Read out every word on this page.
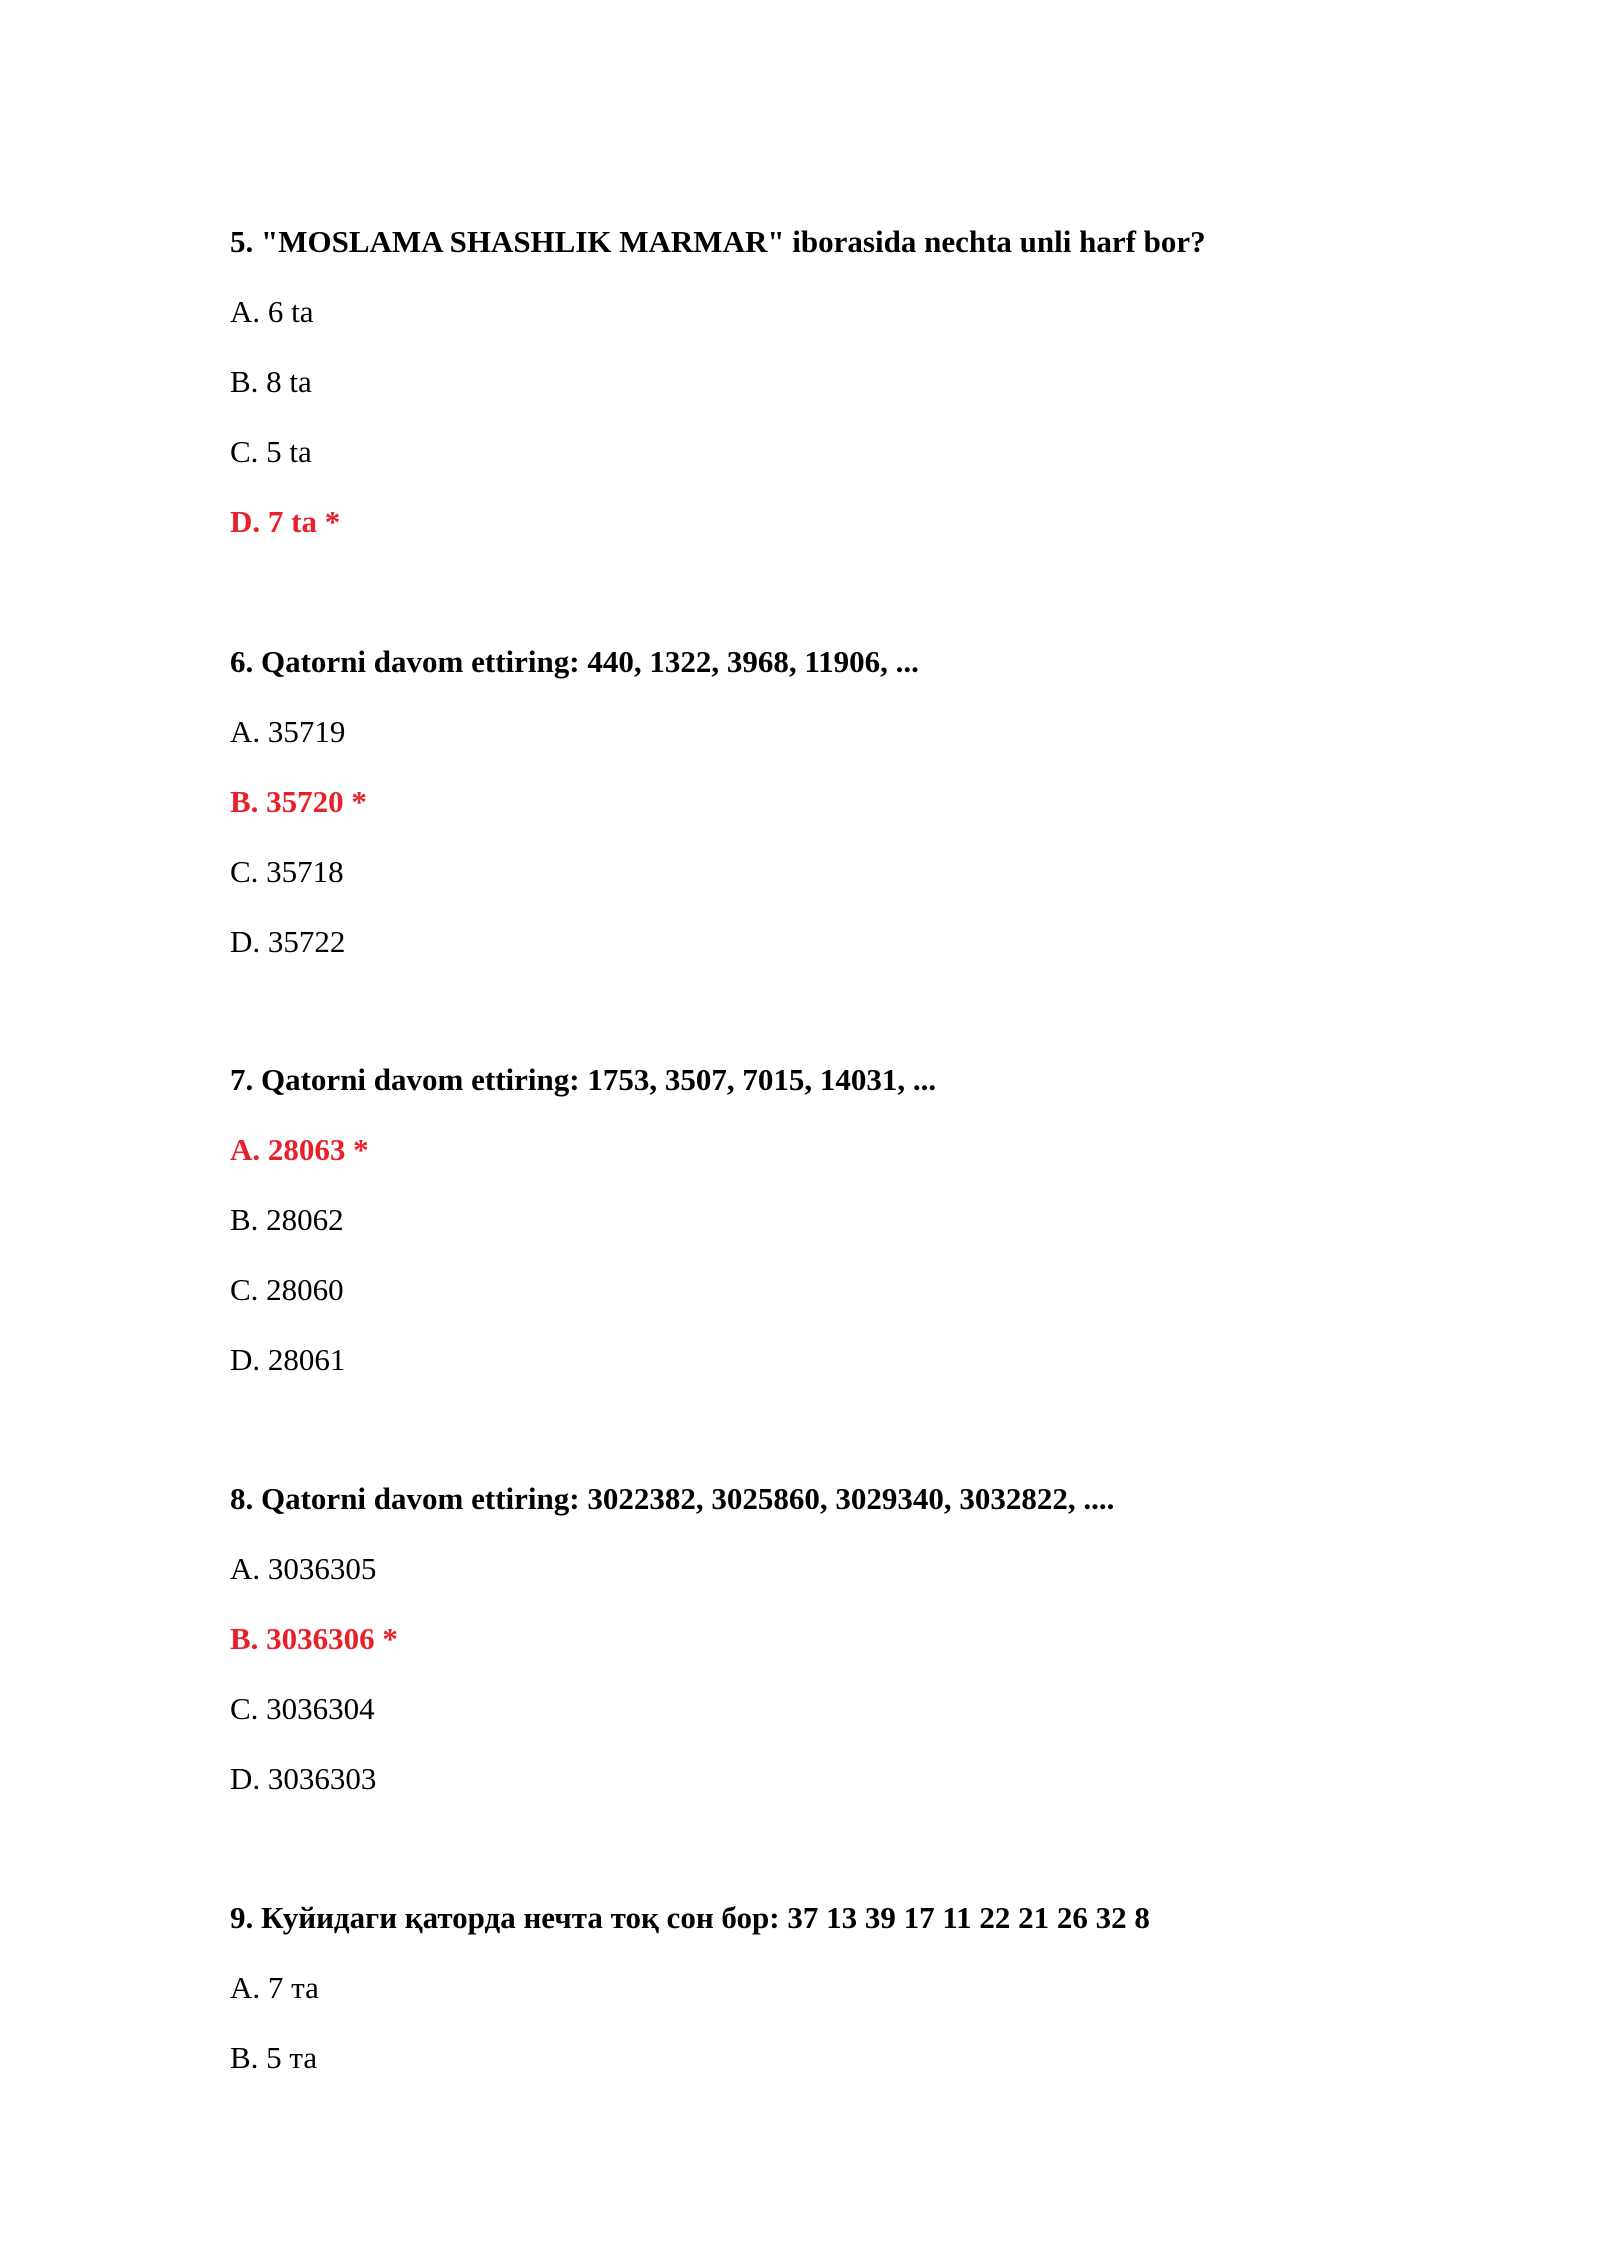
5. "MOSLAMA SHASHLIK MARMAR" iborasida nechta unli harf bor?
A. 6 ta
B. 8 ta
C. 5 ta
D. 7 ta *
6. Qatorni davom ettiring: 440, 1322, 3968, 11906, ...
A. 35719
B. 35720 *
C. 35718
D. 35722
7. Qatorni davom ettiring: 1753, 3507, 7015, 14031, ...
A. 28063 *
B. 28062
C. 28060
D. 28061
8. Qatorni davom ettiring: 3022382, 3025860, 3029340, 3032822, ....
A. 3036305
B. 3036306 *
C. 3036304
D. 3036303
9. Куйидаги қаторда нечта тоқ сон бор: 37 13 39 17 11 22 21 26 32 8
A. 7 та
B. 5 та
